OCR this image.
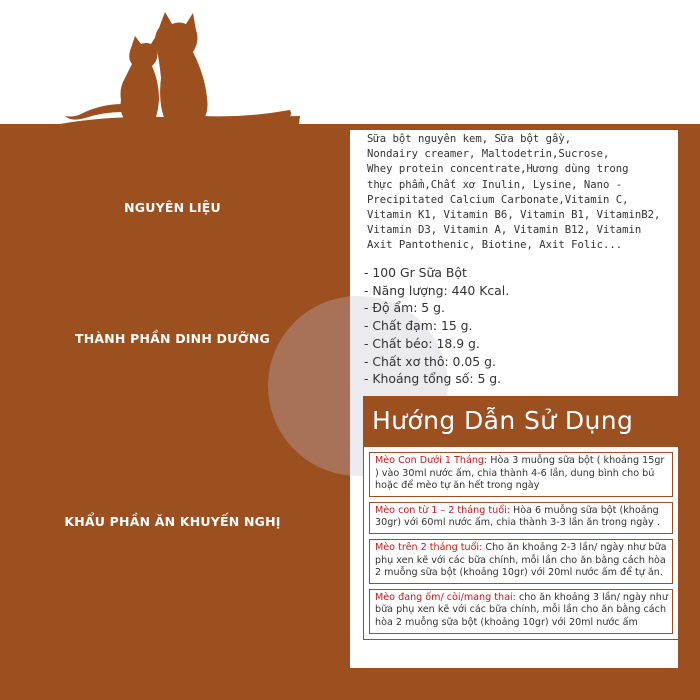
NGUYÊN LIỆU
THÀNH PHẦN DINH DƯỠNG
KHẨU PHẦN ĂN KHUYẾN NGHỊ

Sữa bột nguyên kem, Sữa bột gầy,
Nondairy creamer, Maltodetrin,Sucrose,
Whey protein concentrate,Hương dùng trong
thực phẩm,Chất xơ Inulin, Lysine, Nano -
Precipitated Calcium Carbonate,Vitamin C,
Vitamin K1, Vitamin B6, Vitamin B1, VitaminB2,
Vitamin D3, Vitamin A, Vitamin B12, Vitamin
Axit Pantothenic, Biotine, Axit Folic...

- 100 Gr Sữa Bột
- Năng lượng: 440 Kcal.
- Độ ẩm: 5 g.
- Chất đạm: 15 g.
- Chất béo: 18.9 g.
- Chất xơ thô: 0.05 g.
- Khoáng tổng số: 5 g.
Hướng Dẫn Sử Dụng
Mèo Con Dưới 1 Tháng: Hòa 3 muỗng sữa bột ( khoảng 15gr ) vào 30ml nước ấm, chia thành 4-6 lần, dung bình cho bú hoặc để mèo tự ăn hết trong ngày
Mèo con từ 1 – 2 tháng tuổi: Hòa 6 muỗng sữa bột (khoảng 30gr) với 60ml nước ấm, chia thành 3-3 lần ăn trong ngày .
Mèo trên 2 tháng tuổi: Cho ăn khoảng 2-3 lần/ ngày như bữa phụ xen kẽ với các bữa chính, mỗi lần cho ăn bằng cách hòa 2 muỗng sữa bột (khoảng 10gr) với 20ml nước ấm để tự ăn.
Mèo đang ốm/ còi/mang thai: cho ăn khoảng 3 lần/ ngày như bữa phụ xen kẽ với các bữa chính, mỗi lần cho ăn bằng cách hòa 2 muỗng sữa bột (khoảng 10gr) với 20ml nước ấm
